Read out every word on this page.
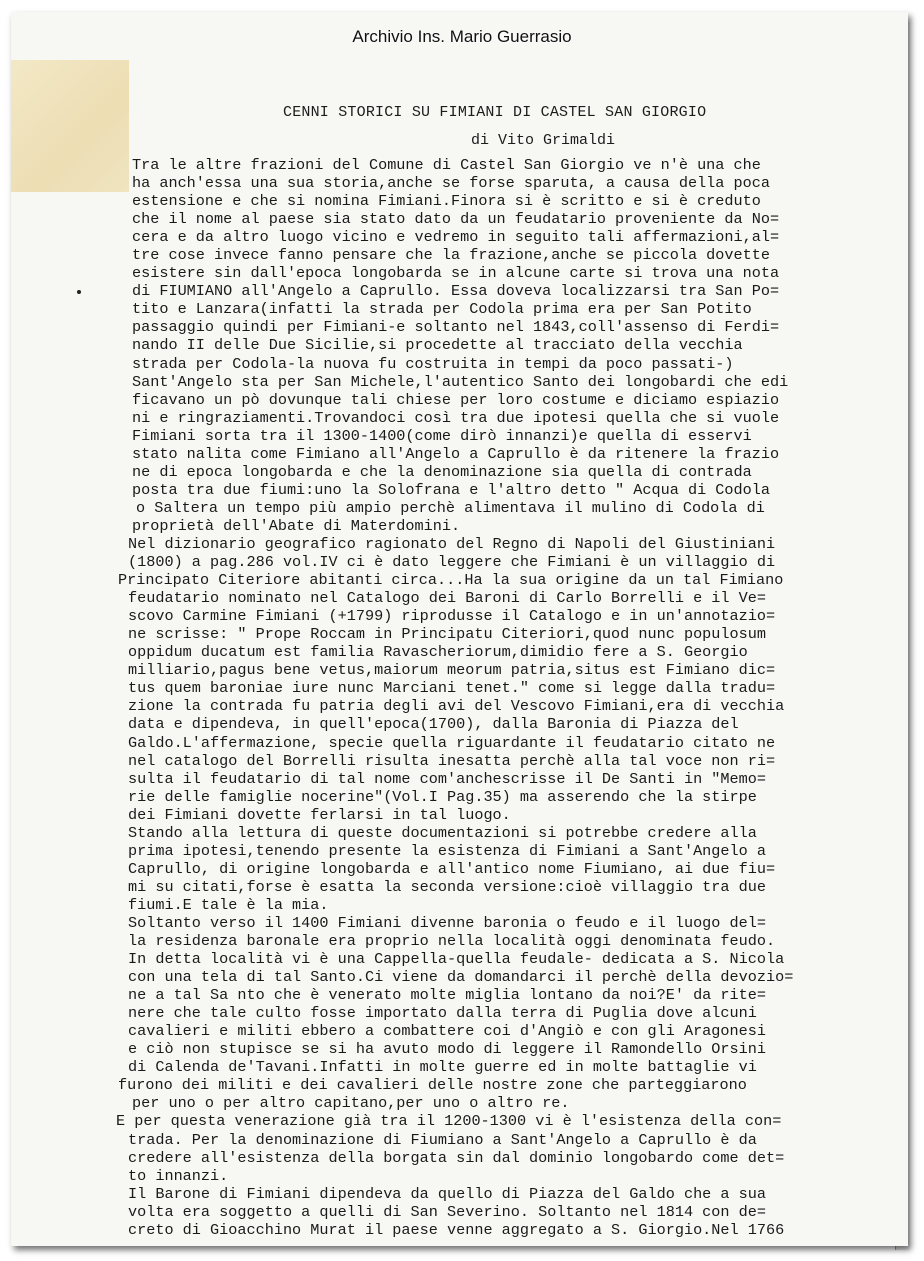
Archivio Ins. Mario Guerrasio
CENNI STORICI SU FIMIANI DI CASTEL SAN GIORGIO
di Vito Grimaldi
Tra le altre frazioni del Comune di Castel San Giorgio ve n'è una che
ha anch'essa una sua storia,anche se forse sparuta, a causa della poca
estensione e che si nomina Fimiani.Finora si è scritto e si è creduto
che il nome al paese sia stato dato da un feudatario proveniente da No=
cera e da altro luogo vicino e vedremo in seguito tali affermazioni,al=
tre cose invece fanno pensare che la frazione,anche se piccola dovette
esistere sin dall'epoca longobarda se in alcune carte si trova una nota
di FIUMIANO all'Angelo a Caprullo. Essa doveva localizzarsi tra San Po=
tito e Lanzara(infatti la strada per Codola prima era per San Potito
passaggio quindi per Fimiani-e soltanto nel 1843,coll'assenso di Ferdi=
nando II delle Due Sicilie,si procedette al tracciato della vecchia
strada per Codola-la nuova fu costruita in tempi da poco passati-)
Sant'Angelo sta per San Michele,l'autentico Santo dei longobardi che edi
ficavano un pò dovunque tali chiese per loro costume e diciamo espiazio
ni e ringraziamenti.Trovandoci così tra due ipotesi quella che si vuole
Fimiani sorta tra il 1300-1400(come dirò innanzi)e quella di esservi
stato nalita come Fimiano all'Angelo a Caprullo è da ritenere la frazio
ne di epoca longobarda e che la denominazione sia quella di contrada
posta tra due fiumi:uno la Solofrana e l'altro detto " Acqua di Codola
o Saltera un tempo più ampio perchè alimentava il mulino di Codola di
proprietà dell'Abate di Materdomini.
Nel dizionario geografico ragionato del Regno di Napoli del Giustiniani
(1800) a pag.286 vol.IV ci è dato leggere che Fimiani è un villaggio di
Principato Citeriore abitanti circa...Ha la sua origine da un tal Fimiano
feudatario nominato nel Catalogo dei Baroni di Carlo Borrelli e il Ve=
scovo Carmine Fimiani (+1799) riprodusse il Catalogo e in un'annotazio=
ne scrisse: " Prope Roccam in Principatu Citeriori,quod nunc populosum
oppidum ducatum est familia Ravascheriorum,dimidio fere a S. Georgio
milliario,pagus bene vetus,maiorum meorum patria,situs est Fimiano dic=
tus quem baroniae iure nunc Marciani tenet." come si legge dalla tradu=
zione la contrada fu patria degli avi del Vescovo Fimiani,era di vecchia
data e dipendeva, in quell'epoca(1700), dalla Baronia di Piazza del
Galdo.L'affermazione, specie quella riguardante il feudatario citato ne
nel catalogo del Borrelli risulta inesatta perchè alla tal voce non ri=
sulta il feudatario di tal nome com'anchescrisse il De Santi in "Memo=
rie delle famiglie nocerine"(Vol.I Pag.35) ma asserendo che la stirpe
dei Fimiani dovette ferlarsi in tal luogo.
Stando alla lettura di queste documentazioni si potrebbe credere alla
prima ipotesi,tenendo presente la esistenza di Fimiani a Sant'Angelo a
Caprullo, di origine longobarda e all'antico nome Fiumiano, ai due fiu=
mi su citati,forse è esatta la seconda versione:cioè villaggio tra due
fiumi.E tale è la mia.
Soltanto verso il 1400 Fimiani divenne baronia o feudo e il luogo del=
la residenza baronale era proprio nella località oggi denominata feudo.
In detta località vi è una Cappella-quella feudale- dedicata a S. Nicola
con una tela di tal Santo.Ci viene da domandarci il perchè della devozio=
ne a tal Sa nto che è venerato molte miglia lontano da noi?E' da rite=
nere che tale culto fosse importato dalla terra di Puglia dove alcuni
cavalieri e militi ebbero a combattere coi d'Angiò e con gli Aragonesi
e ciò non stupisce se si ha avuto modo di leggere il Ramondello Orsini
di Calenda de'Tavani.Infatti in molte guerre ed in molte battaglie vi
furono dei militi e dei cavalieri delle nostre zone che parteggiarono
per uno o per altro capitano,per uno o altro re.
E per questa venerazione già tra il 1200-1300 vi è l'esistenza della con=
trada. Per la denominazione di Fiumiano a Sant'Angelo a Caprullo è da
credere all'esistenza della borgata sin dal dominio longobardo come det=
to innanzi.
Il Barone di Fimiani dipendeva da quello di Piazza del Galdo che a sua
volta era soggetto a quelli di San Severino. Soltanto nel 1814 con de=
creto di Gioacchino Murat il paese venne aggregato a S. Giorgio.Nel 1766
